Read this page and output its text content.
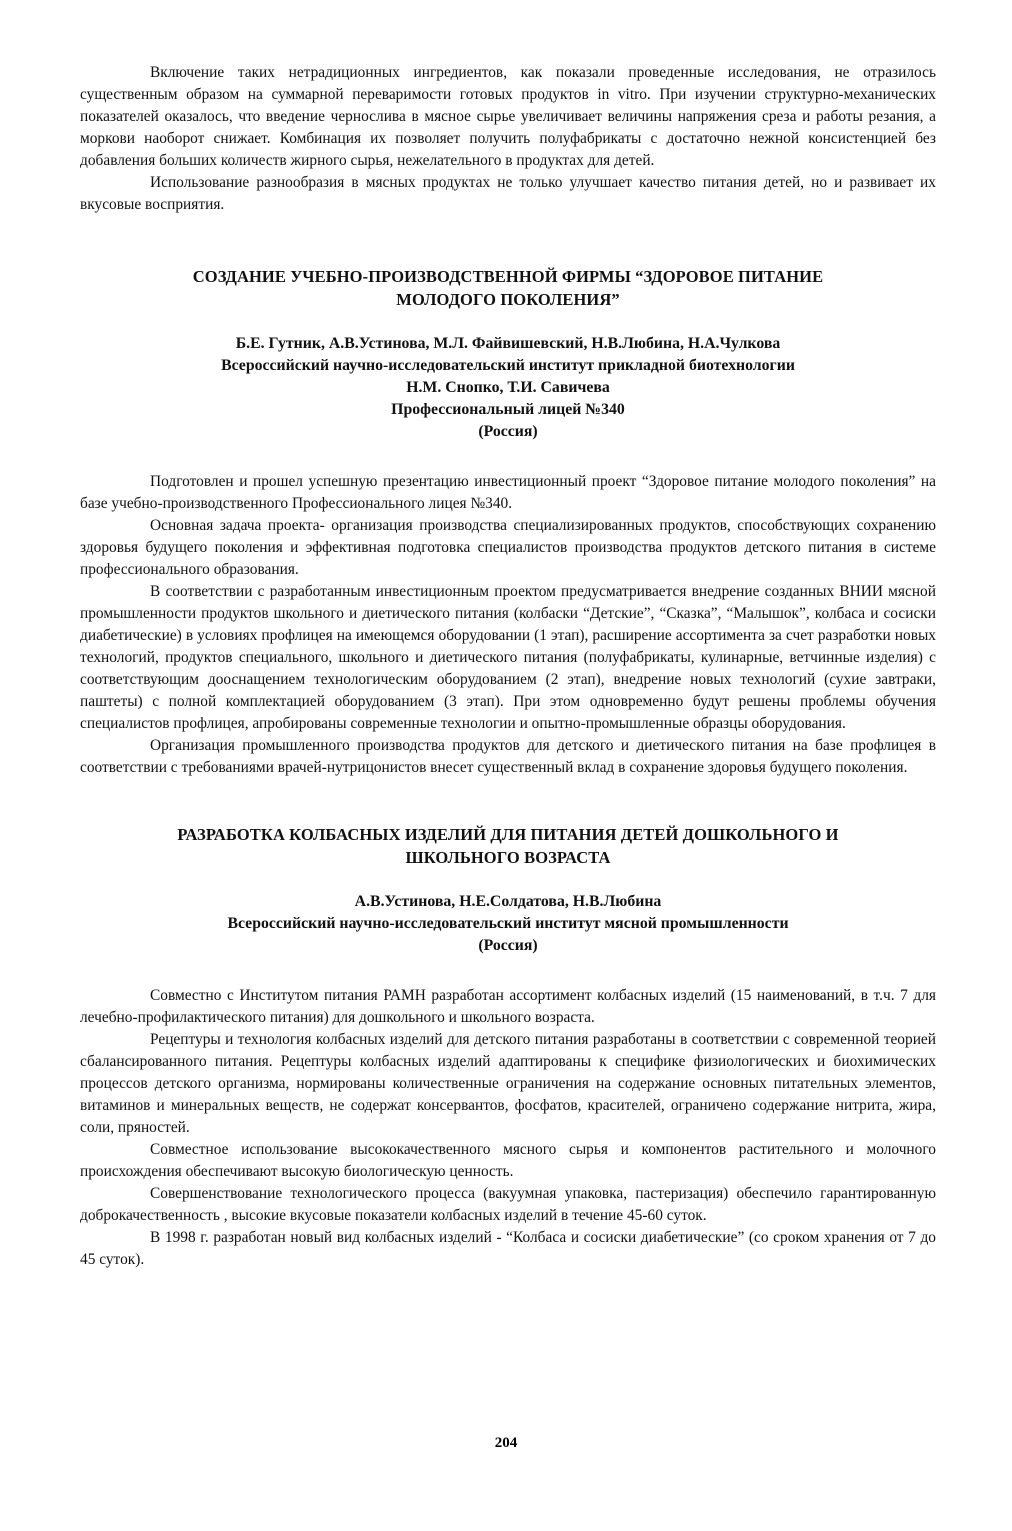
Включение таких нетрадиционных ингредиентов, как показали проведенные исследования, не отразилось существенным образом на суммарной переваримости готовых продуктов in vitro. При изучении структурно-механических показателей оказалось, что введение чернослива в мясное сырье увеличивает величины напряжения среза и работы резания, а моркови наоборот снижает. Комбинация их позволяет получить полуфабрикаты с достаточно нежной консистенцией без добавления больших количеств жирного сырья, нежелательного в продуктах для детей.

Использование разнообразия в мясных продуктах не только улучшает качество питания детей, но и развивает их вкусовые восприятия.

СОЗДАНИЕ УЧЕБНО-ПРОИЗВОДСТВЕННОЙ ФИРМЫ “ЗДОРОВОЕ ПИТАНИЕ
МОЛОДОГО ПОКОЛЕНИЯ”
Б.Е. Гутник, А.В.Устинова, М.Л. Файвишевский, Н.В.Любина, Н.А.Чулкова
Всероссийский научно-исследовательский институт прикладной биотехнологии
Н.М. Снопко, Т.И. Савичева
Профессиональный лицей №340
(Россия)

Подготовлен и прошел успешную презентацию инвестиционный проект “Здоровое питание молодого поколения” на базе учебно-производственного Профессионального лицея №340.

Основная задача проекта- организация производства специализированных продуктов, способствующих сохранению здоровья будущего поколения и эффективная подготовка специалистов производства продуктов детского питания в системе профессионального образования.

В соответствии с разработанным инвестиционным проектом предусматривается внедрение созданных ВНИИ мясной промышленности продуктов школьного и диетического питания (колбаски “Детские”, “Сказка”, “Малышок”, колбаса и сосиски диабетические) в условиях профлицея на имеющемся оборудовании (1 этап), расширение ассортимента за счет разработки новых технологий, продуктов специального, школьного и диетического питания (полуфабрикаты, кулинарные, ветчинные изделия) с соответствующим дооснащением технологическим оборудованием (2 этап), внедрение новых технологий (сухие завтраки, паштеты) с полной комплектацией оборудованием (3 этап). При этом одновременно будут решены проблемы обучения специалистов профлицея, апробированы современные технологии и опытно-промышленные образцы оборудования.

Организация промышленного производства продуктов для детского и диетического питания на базе профлицея в соответствии с требованиями врачей-нутрицонистов внесет существенный вклад в сохранение здоровья будущего поколения.

РАЗРАБОТКА КОЛБАСНЫХ ИЗДЕЛИЙ ДЛЯ ПИТАНИЯ ДЕТЕЙ ДОШКОЛЬНОГО И
ШКОЛЬНОГО ВОЗРАСТА
А.В.Устинова, Н.Е.Солдатова, Н.В.Любина
Всероссийский научно-исследовательский институт мясной промышленности
(Россия)

Совместно с Институтом питания РАМН разработан ассортимент колбасных изделий (15 наименований, в т.ч. 7 для лечебно-профилактического питания) для дошкольного и школьного возраста.

Рецептуры и технология колбасных изделий для детского питания разработаны в соответствии с современной теорией сбалансированного питания. Рецептуры колбасных изделий адаптированы к специфике физиологических и биохимических процессов детского организма, нормированы количественные ограничения на содержание основных питательных элементов, витаминов и минеральных веществ, не содержат консервантов, фосфатов, красителей, ограничено содержание нитрита, жира, соли, пряностей.

Совместное использование высококачественного мясного сырья и компонентов растительного и молочного происхождения обеспечивают высокую биологическую ценность.

Совершенствование технологического процесса (вакуумная упаковка, пастеризация) обеспечило гарантированную доброкачественность , высокие вкусовые показатели колбасных изделий в течение 45-60 суток.

В 1998 г. разработан новый вид колбасных изделий - “Колбаса и сосиски диабетические” (со сроком хранения от 7 до 45 суток).

204
